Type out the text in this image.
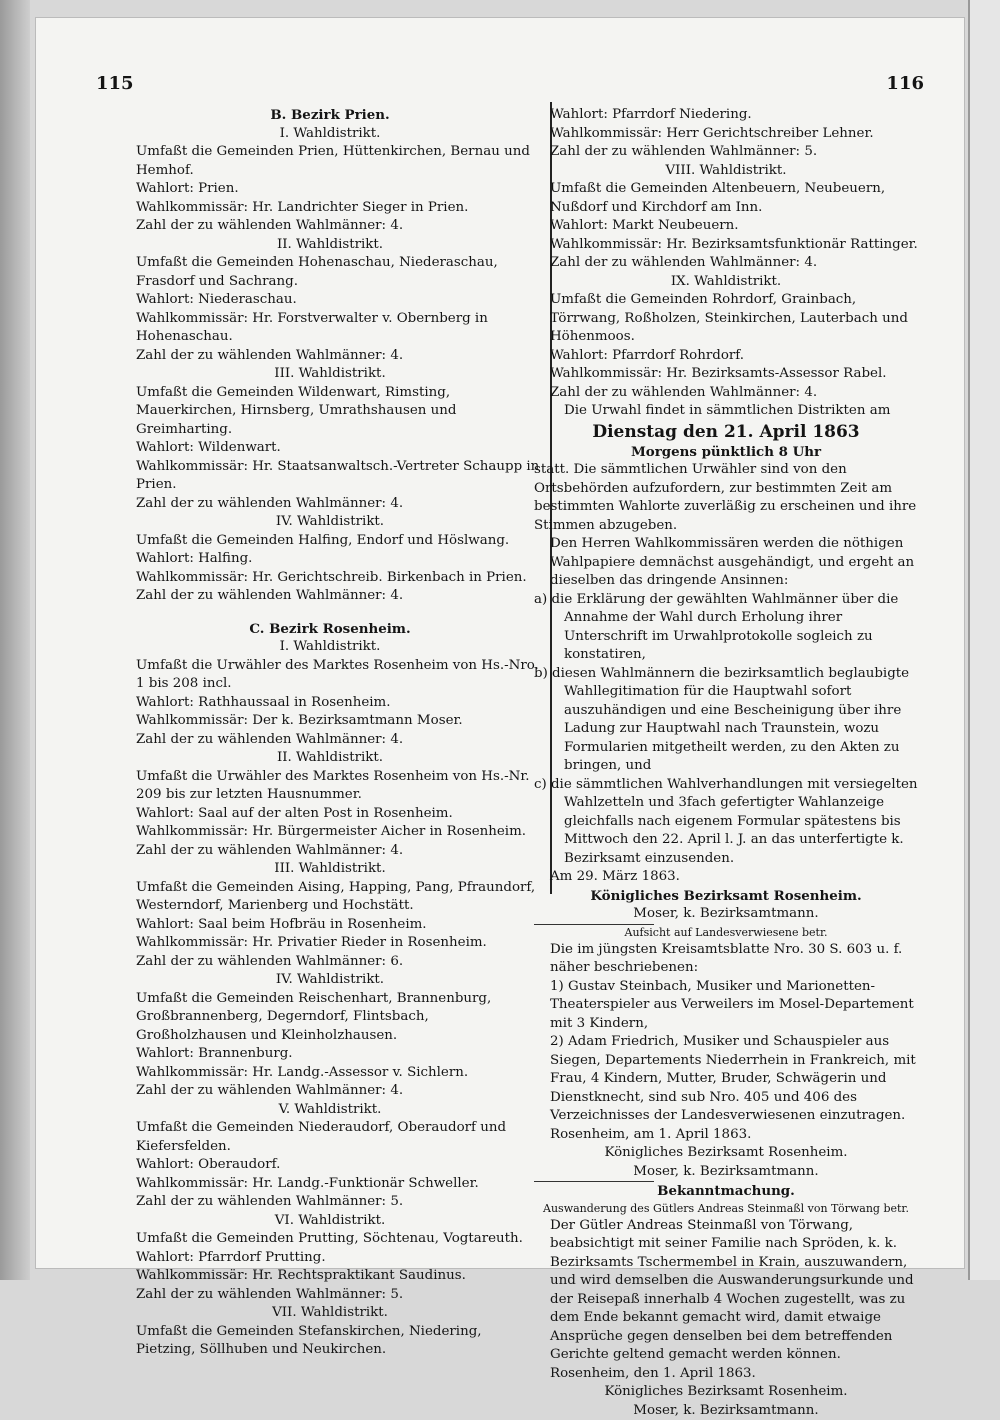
115	116

B. Bezirk Prien.

I. Wahldistrikt.

Umfaßt die Gemeinden Prien, Hüttenkirchen, Bernau und Hemhof.

Wahlort: Prien.

Wahlkommissär: Hr. Landrichter Sieger in Prien.

Zahl der zu wählenden Wahlmänner: 4.

II. Wahldistrikt.

Umfaßt die Gemeinden Hohenaschau, Niederaschau, Frasdorf und Sachrang.

Wahlort: Niederaschau.

Wahlkommissär: Hr. Forstverwalter v. Obernberg in Hohenaschau.

Zahl der zu wählenden Wahlmänner: 4.

III. Wahldistrikt.

Umfaßt die Gemeinden Wildenwart, Rimsting, Mauerkirchen, Hirnsberg, Umrathshausen und Greimharting.

Wahlort: Wildenwart.

Wahlkommissär: Hr. Staatsanwaltsch.-Vertreter Schaupp in Prien.

Zahl der zu wählenden Wahlmänner: 4.

IV. Wahldistrikt.

Umfaßt die Gemeinden Halfing, Endorf und Höslwang.

Wahlort: Halfing.

Wahlkommissär: Hr. Gerichtschreib. Birkenbach in Prien.

Zahl der zu wählenden Wahlmänner: 4.

C. Bezirk Rosenheim.

I. Wahldistrikt.

Umfaßt die Urwähler des Marktes Rosenheim von Hs.-Nro. 1 bis 208 incl.

Wahlort: Rathhaussaal in Rosenheim.

Wahlkommissär: Der k. Bezirksamtmann Moser.

Zahl der zu wählenden Wahlmänner: 4.

II. Wahldistrikt.

Umfaßt die Urwähler des Marktes Rosenheim von Hs.-Nr. 209 bis zur letzten Hausnummer.

Wahlort: Saal auf der alten Post in Rosenheim.

Wahlkommissär: Hr. Bürgermeister Aicher in Rosenheim.

Zahl der zu wählenden Wahlmänner: 4.

III. Wahldistrikt.

Umfaßt die Gemeinden Aising, Happing, Pang, Pfraundorf, Westerndorf, Marienberg und Hochstätt.

Wahlort: Saal beim Hofbräu in Rosenheim.

Wahlkommissär: Hr. Privatier Rieder in Rosenheim.

Zahl der zu wählenden Wahlmänner: 6.

IV. Wahldistrikt.

Umfaßt die Gemeinden Reischenhart, Brannenburg, Großbrannenberg, Degerndorf, Flintsbach, Großholzhausen und Kleinholzhausen.

Wahlort: Brannenburg.

Wahlkommissär: Hr. Landg.-Assessor v. Sichlern.

Zahl der zu wählenden Wahlmänner: 4.

V. Wahldistrikt.

Umfaßt die Gemeinden Niederaudorf, Oberaudorf und Kiefersfelden.

Wahlort: Oberaudorf.

Wahlkommissär: Hr. Landg.-Funktionär Schweller.

Zahl der zu wählenden Wahlmänner: 5.

VI. Wahldistrikt.

Umfaßt die Gemeinden Prutting, Söchtenau, Vogtareuth.

Wahlort: Pfarrdorf Prutting.

Wahlkommissär: Hr. Rechtspraktikant Saudinus.

Zahl der zu wählenden Wahlmänner: 5.

VII. Wahldistrikt.

Umfaßt die Gemeinden Stefanskirchen, Niedering, Pietzing, Söllhuben und Neukirchen.

Wahlort: Pfarrdorf Niedering.

Wahlkommissär: Herr Gerichtschreiber Lehner.

Zahl der zu wählenden Wahlmänner: 5.

VIII. Wahldistrikt.

Umfaßt die Gemeinden Altenbeuern, Neubeuern, Nußdorf und Kirchdorf am Inn.

Wahlort: Markt Neubeuern.

Wahlkommissär: Hr. Bezirksamtsfunktionär Rattinger.

Zahl der zu wählenden Wahlmänner: 4.

IX. Wahldistrikt.

Umfaßt die Gemeinden Rohrdorf, Grainbach, Törrwang, Roßholzen, Steinkirchen, Lauterbach und Höhenmoos.

Wahlort: Pfarrdorf Rohrdorf.

Wahlkommissär: Hr. Bezirksamts-Assessor Rabel.

Zahl der zu wählenden Wahlmänner: 4.

Die Urwahl findet in sämmtlichen Distrikten am

Dienstag den 21. April 1863

Morgens pünktlich 8 Uhr

statt. Die sämmtlichen Urwähler sind von den Ortsbehörden aufzufordern, zur bestimmten Zeit am bestimmten Wahlorte zuverläßig zu erscheinen und ihre Stimmen abzugeben.

Den Herren Wahlkommissären werden die nöthigen Wahlpapiere demnächst ausgehändigt, und ergeht an dieselben das dringende Ansinnen:

a) die Erklärung der gewählten Wahlmänner über die Annahme der Wahl durch Erholung ihrer Unterschrift im Urwahlprotokolle sogleich zu konstatiren,

b) diesen Wahlmännern die bezirksamtlich beglaubigte Wahllegitimation für die Hauptwahl sofort auszuhändigen und eine Bescheinigung über ihre Ladung zur Hauptwahl nach Traunstein, wozu Formularien mitgetheilt werden, zu den Akten zu bringen, und

c) die sämmtlichen Wahlverhandlungen mit versiegelten Wahlzetteln und 3fach gefertigter Wahlanzeige gleichfalls nach eigenem Formular spätestens bis Mittwoch den 22. April l. J. an das unterfertigte k. Bezirksamt einzusenden.

Am 29. März 1863.

Königliches Bezirksamt Rosenheim.

Moser, k. Bezirksamtmann.

Aufsicht auf Landesverwiesene betr.

Die im jüngsten Kreisamtsblatte Nro. 30 S. 603 u. f. näher beschriebenen:

1) Gustav Steinbach, Musiker und Marionetten-Theaterspieler aus Verweilers im Mosel-Departement mit 3 Kindern,

2) Adam Friedrich, Musiker und Schauspieler aus Siegen, Departements Niederrhein in Frankreich, mit Frau, 4 Kindern, Mutter, Bruder, Schwägerin und Dienstknecht, sind sub Nro. 405 und 406 des Verzeichnisses der Landesverwiesenen einzutragen.

Rosenheim, am 1. April 1863.

Königliches Bezirksamt Rosenheim.

Moser, k. Bezirksamtmann.

Bekanntmachung.

Auswanderung des Gütlers Andreas Steinmaßl von Törwang betr.

Der Gütler Andreas Steinmaßl von Törwang, beabsichtigt mit seiner Familie nach Spröden, k. k. Bezirksamts Tschermembel in Krain, auszuwandern, und wird demselben die Auswanderungsurkunde und der Reisepaß innerhalb 4 Wochen zugestellt, was zu dem Ende bekannt gemacht wird, damit etwaige Ansprüche gegen denselben bei dem betreffenden Gerichte geltend gemacht werden können.

Rosenheim, den 1. April 1863.

Königliches Bezirksamt Rosenheim.

Moser, k. Bezirksamtmann.
